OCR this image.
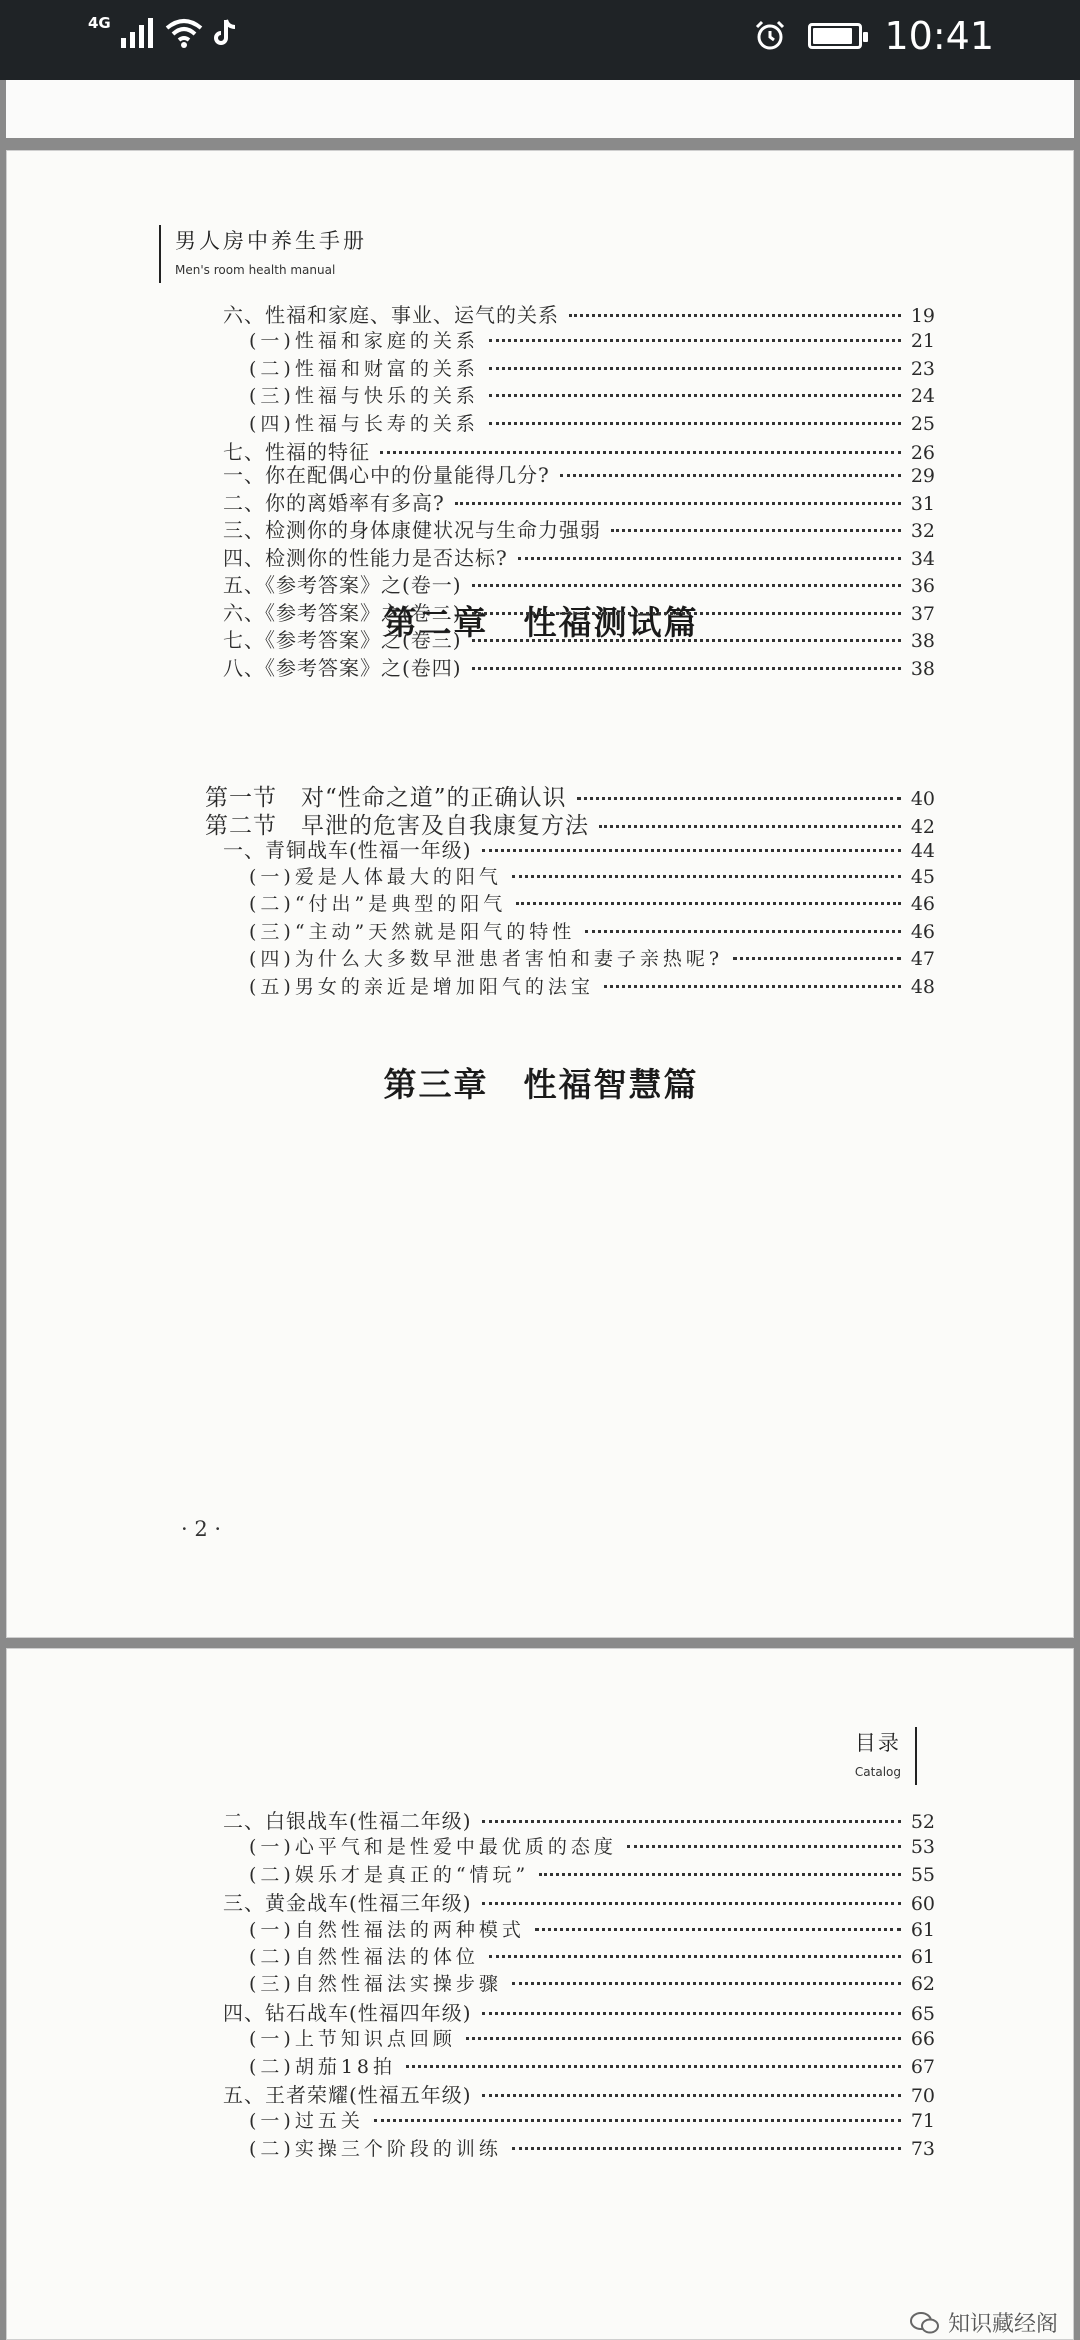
4G	10:41
男人房中养生手册
Men's room health manual
六、性福和家庭、事业、运气的关系	19
(一)性福和家庭的关系	21
(二)性福和财富的关系	23
(三)性福与快乐的关系	24
(四)性福与长寿的关系	25
七、性福的特征	26
第二章　性福测试篇
一、你在配偶心中的份量能得几分?	29
二、你的离婚率有多高?	31
三、检测你的身体康健状况与生命力强弱	32
四、检测你的性能力是否达标?	34
五、《参考答案》之(卷一)	36
六、《参考答案》之(卷二)	37
七、《参考答案》之(卷三)	38
八、《参考答案》之(卷四)	38
第三章　性福智慧篇
第一节　对“性命之道”的正确认识	40
第二节　早泄的危害及自我康复方法	42
一、青铜战车(性福一年级)	44
(一)爱是人体最大的阳气	45
(二)“付出”是典型的阳气	46
(三)“主动”天然就是阳气的特性	46
(四)为什么大多数早泄患者害怕和妻子亲热呢?	47
(五)男女的亲近是增加阳气的法宝	48
· 2 ·
目录
Catalog
二、白银战车(性福二年级)	52
(一)心平气和是性爱中最优质的态度	53
(二)娱乐才是真正的“情玩”	55
三、黄金战车(性福三年级)	60
(一)自然性福法的两种模式	61
(二)自然性福法的体位	61
(三)自然性福法实操步骤	62
四、钻石战车(性福四年级)	65
(一)上节知识点回顾	66
(二)胡茄18拍	67
五、王者荣耀(性福五年级)	70
(一)过五关	71
(二)实操三个阶段的训练	73
知识藏经阁
